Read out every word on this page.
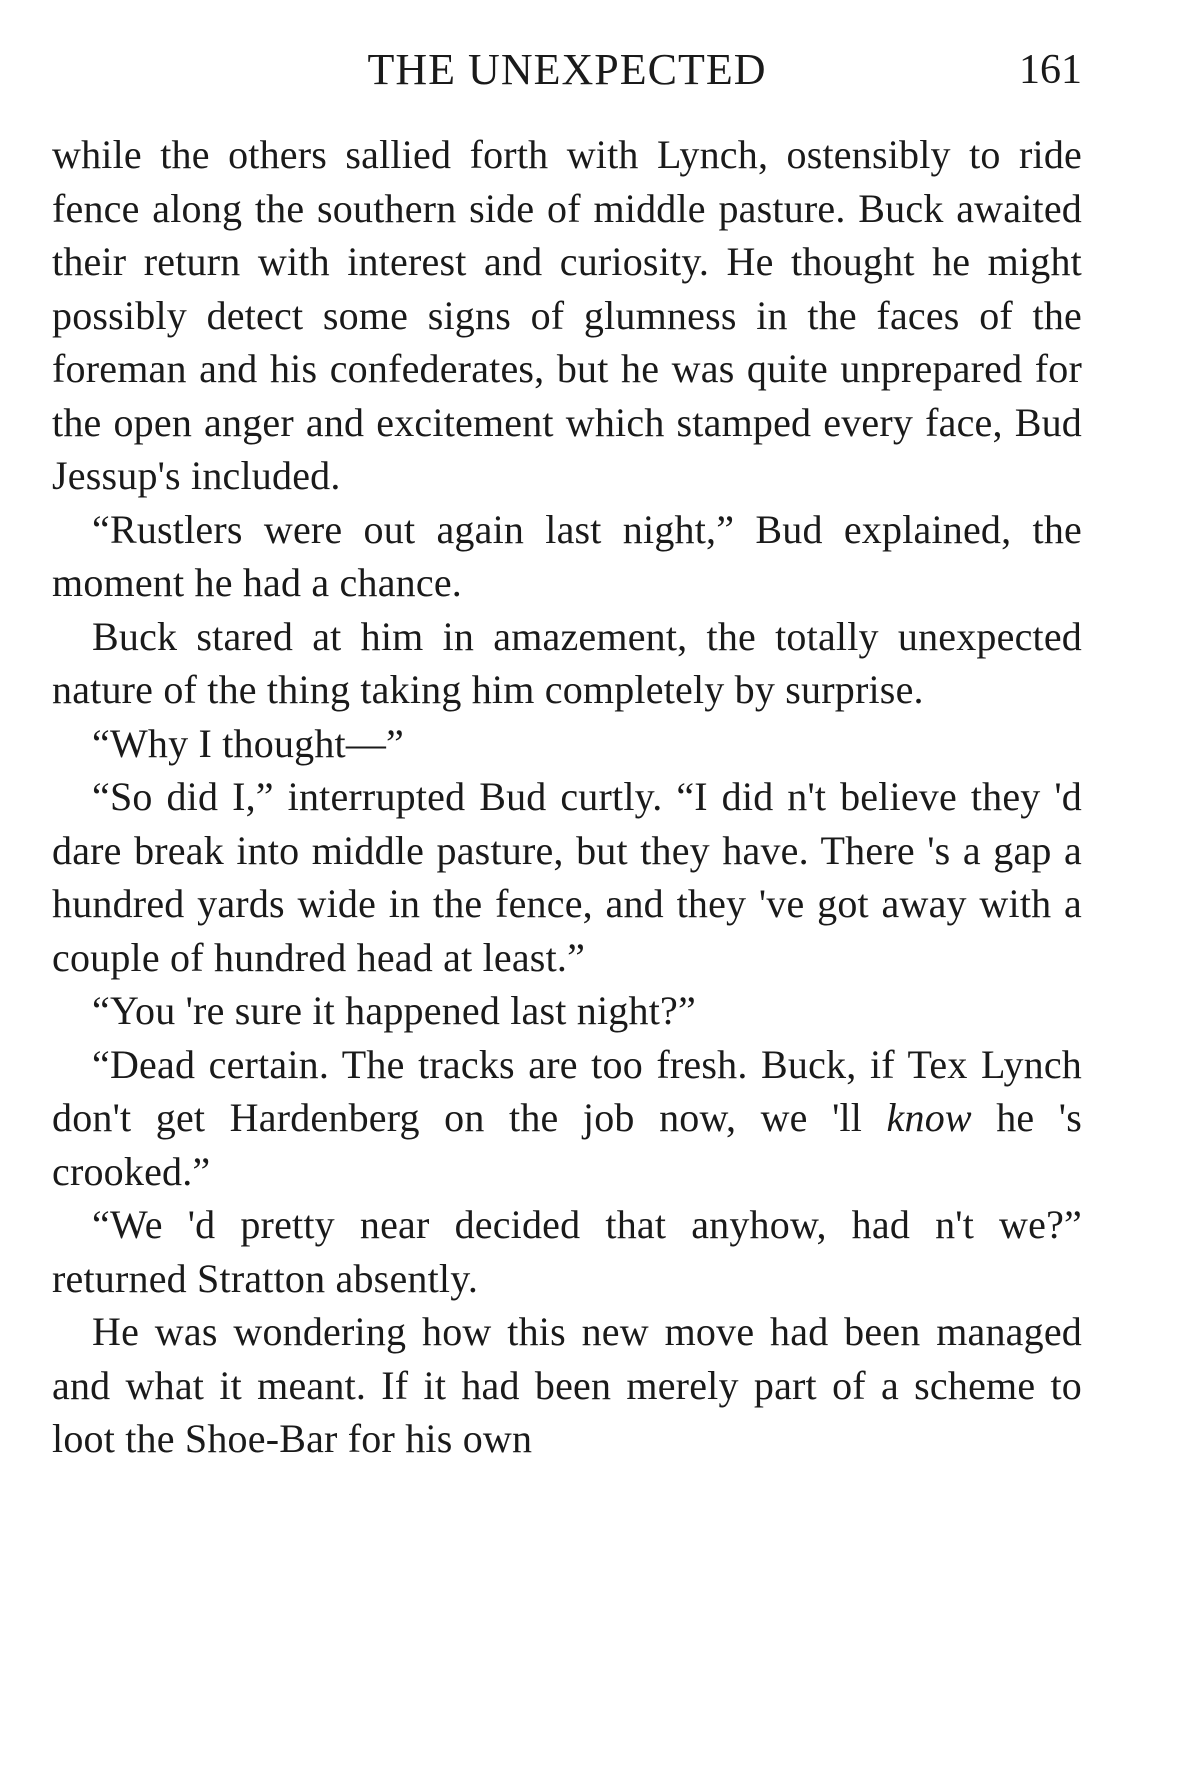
THE UNEXPECTED	161

while the others sallied forth with Lynch, ostensibly to ride fence along the southern side of middle pasture. Buck awaited their return with interest and curiosity. He thought he might possibly detect some signs of glumness in the faces of the foreman and his confederates, but he was quite unprepared for the open anger and excitement which stamped every face, Bud Jessup's included.

“Rustlers were out again last night,” Bud explained, the moment he had a chance.

Buck stared at him in amazement, the totally unexpected nature of the thing taking him completely by surprise.

“Why I thought—”

“So did I,” interrupted Bud curtly. “I did n't believe they 'd dare break into middle pasture, but they have. There 's a gap a hundred yards wide in the fence, and they 've got away with a couple of hundred head at least.”

“You 're sure it happened last night?”

“Dead certain. The tracks are too fresh. Buck, if Tex Lynch don't get Hardenberg on the job now, we 'll know he 's crooked.”

“We 'd pretty near decided that anyhow, had n't we?” returned Stratton absently.

He was wondering how this new move had been managed and what it meant. If it had been merely part of a scheme to loot the Shoe-Bar for his own
